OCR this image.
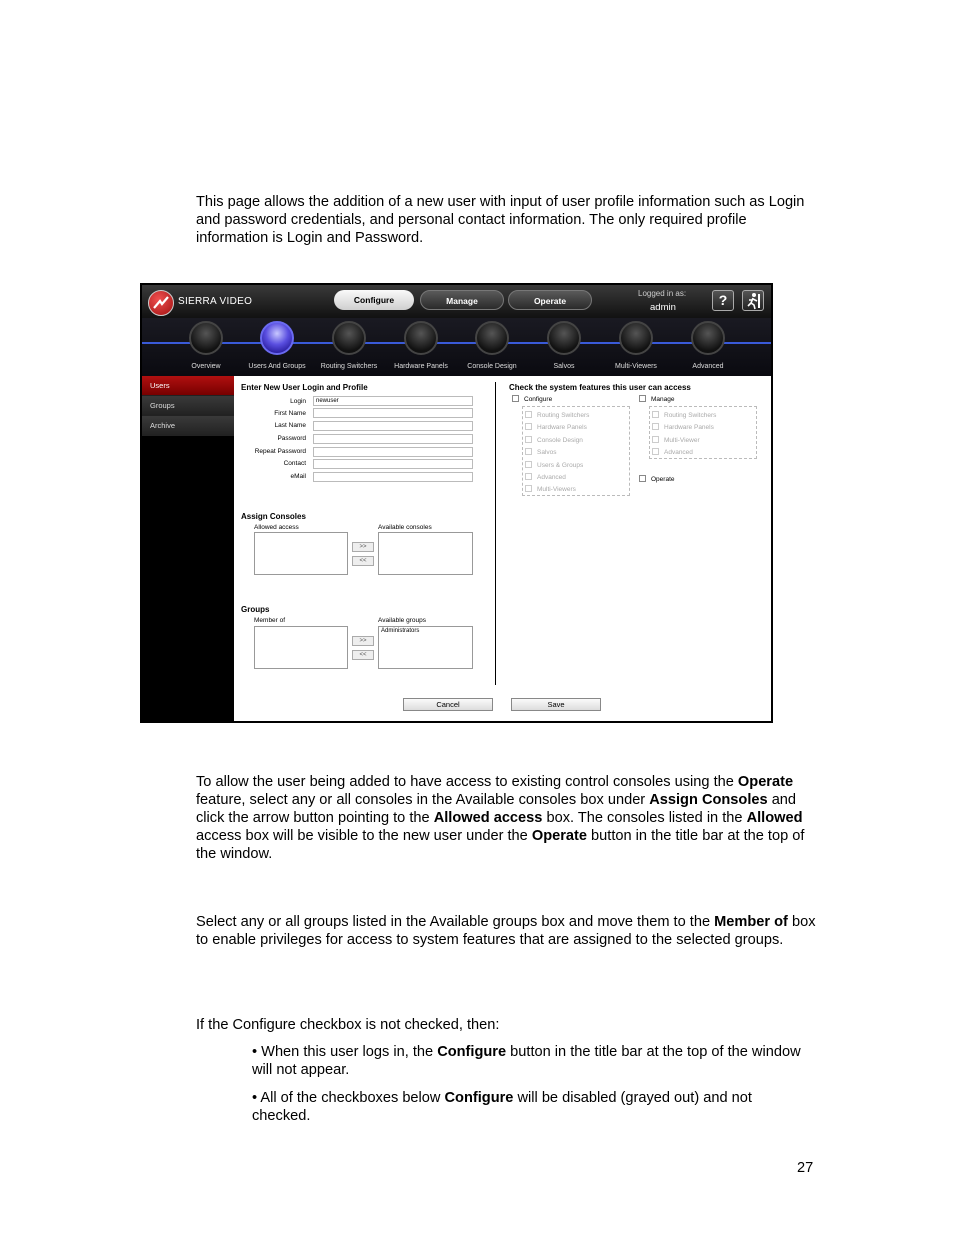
This page allows the addition of a new user with input of user profile information such as Login and password credentials, and personal contact information. The only required profile information is Login and Password.

SIERRA VIDEO	Configure	Manage	Operate
Logged in as:
admin	?
Overview	Users And Groups	Routing Switchers	Hardware Panels	Console Design	Salvos	Multi-Viewers	Advanced
Users
Groups
Archive
Enter New User Login and Profile
Login	newuser
First Name
Last Name
Password
Repeat Password
Contact
eMail
Assign Consoles
Allowed access
>>
<<
Available consoles
Groups
Member of
>>
<<
Available groups
Administrators
Check the system features this user can access
Configure
Routing Switchers
Hardware Panels
Console Design
Salvos
Users & Groups
Advanced
Multi-Viewers
Manage
Routing Switchers
Hardware Panels
Multi-Viewer
Advanced
Operate
Cancel	Save

To allow the user being added to have access to existing control consoles using the Operate feature, select any or all consoles in the Available consoles box under Assign Consoles and click the arrow button pointing to the Allowed access box. The consoles listed in the Allowed access box will be visible to the new user under the Operate button in the title bar at the top of the window.

Select any or all groups listed in the Available groups box and move them to the Member of box to enable privileges for access to system features that are assigned to the selected groups.

If the Configure checkbox is not checked, then:

• When this user logs in, the Configure button in the title bar at the top of the window will not appear.

• All of the checkboxes below Configure will be disabled (grayed out) and not checked.

27
